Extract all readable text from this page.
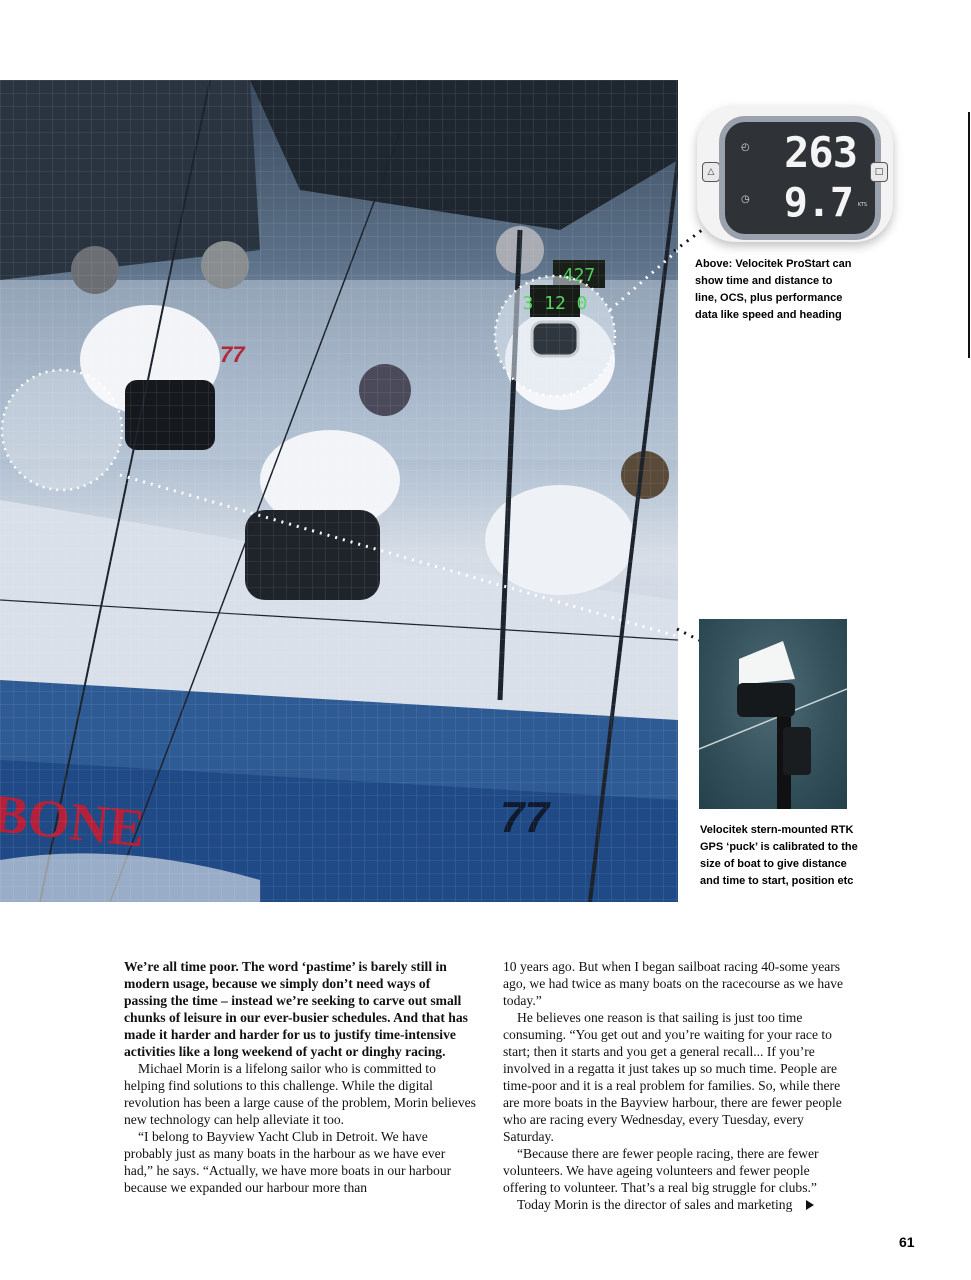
△
◴
◷
263
9.7 KTS
□
Above: Velocitek ProStart can show time and distance to line, OCS, plus performance data like speed and heading
Velocitek stern-mounted RTK GPS ‘puck’ is calibrated to the size of boat to give distance and time to start, position etc

We’re all time poor. The word ‘pastime’ is barely still in modern usage, because we simply don’t need ways of passing the time – instead we’re seeking to carve out small chunks of leisure in our ever-busier schedules. And that has made it harder and harder for us to justify time-intensive activities like a long weekend of yacht or dinghy racing.

Michael Morin is a lifelong sailor who is committed to helping find solutions to this challenge. While the digital revolution has been a large cause of the problem, Morin believes new technology can help alleviate it too.

“I belong to Bayview Yacht Club in Detroit. We have probably just as many boats in the harbour as we have ever had,” he says. “Actually, we have more boats in our harbour because we expanded our harbour more than

10 years ago. But when I began sailboat racing 40-some years ago, we had twice as many boats on the racecourse as we have today.”

He believes one reason is that sailing is just too time consuming. “You get out and you’re waiting for your race to start; then it starts and you get a general recall... If you’re involved in a regatta it just takes up so much time. People are time-poor and it is a real problem for families. So, while there are more boats in the Bayview harbour, there are fewer people who are racing every Wednesday, every Tuesday, every Saturday.

“Because there are fewer people racing, there are fewer volunteers. We have ageing volunteers and fewer people offering to volunteer. That’s a real big struggle for clubs.”

Today Morin is the director of sales and marketing

61
